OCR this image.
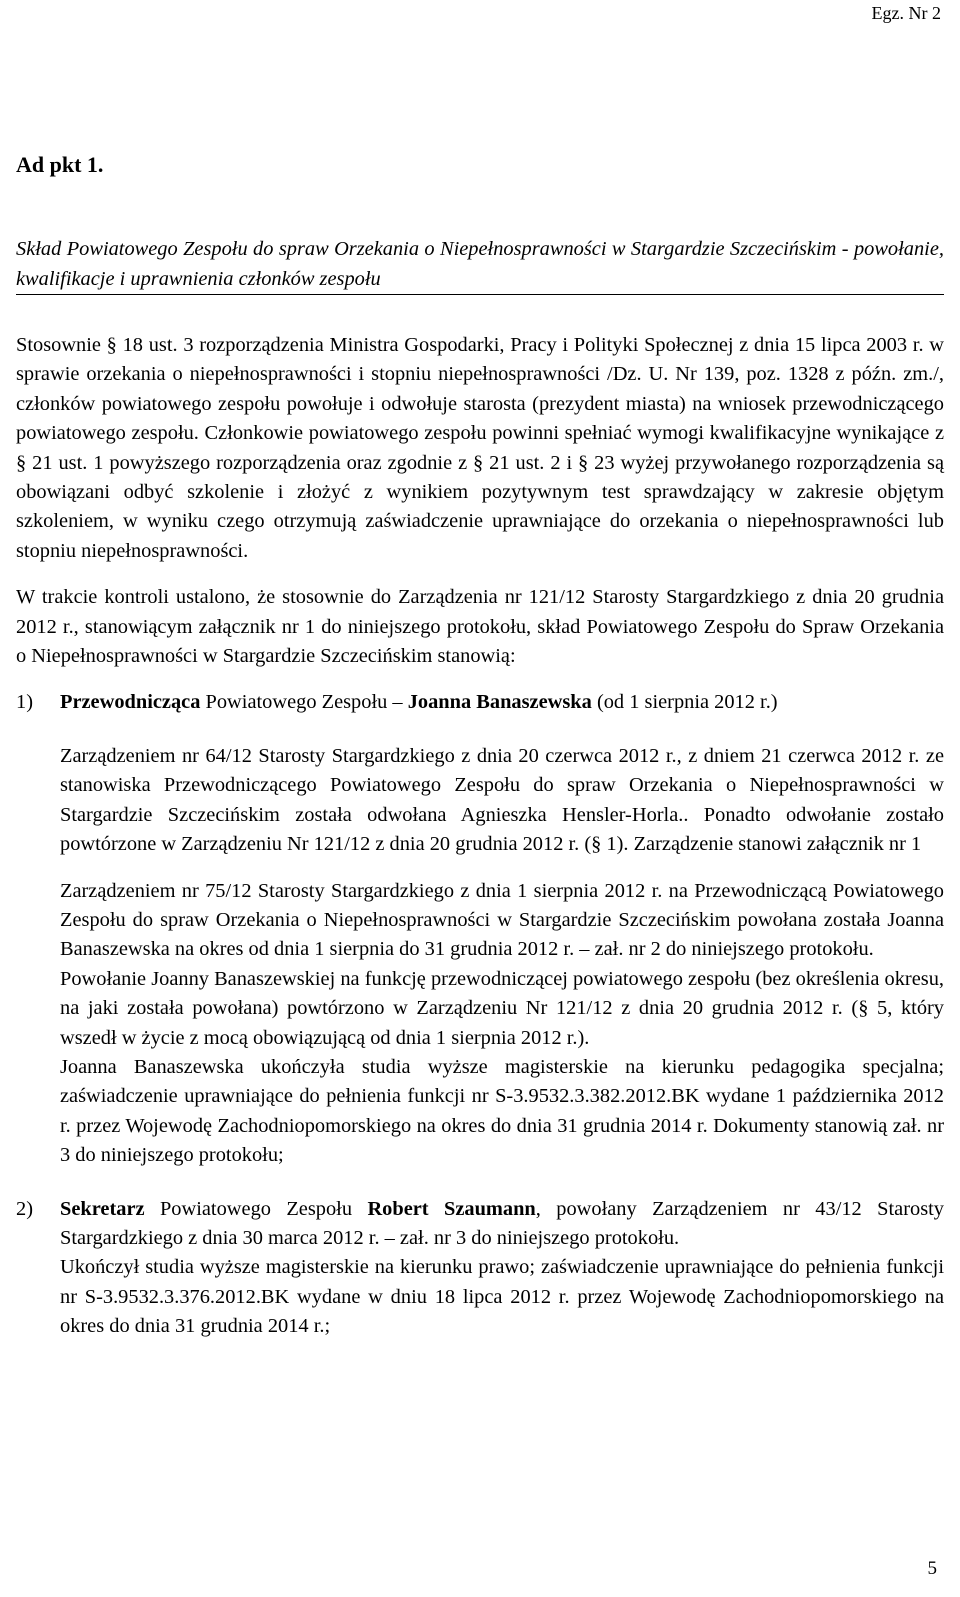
Egz. Nr 2

Ad pkt 1.

Skład Powiatowego Zespołu do spraw Orzekania o Niepełnosprawności w Stargardzie Szczecińskim - powołanie, kwalifikacje i uprawnienia członków zespołu

Stosownie § 18 ust. 3 rozporządzenia Ministra Gospodarki, Pracy i Polityki Społecznej z dnia 15 lipca 2003 r. w sprawie orzekania o niepełnosprawności i stopniu niepełnosprawności /Dz. U. Nr 139, poz. 1328 z późn. zm./, członków powiatowego zespołu powołuje i odwołuje starosta (prezydent miasta) na wniosek przewodniczącego powiatowego zespołu. Członkowie powiatowego zespołu powinni spełniać wymogi kwalifikacyjne wynikające z § 21 ust. 1 powyższego rozporządzenia oraz zgodnie z § 21 ust. 2 i § 23 wyżej przywołanego rozporządzenia są obowiązani odbyć szkolenie i złożyć z wynikiem pozytywnym test sprawdzający w zakresie objętym szkoleniem, w wyniku czego otrzymują zaświadczenie uprawniające do orzekania o niepełnosprawności lub stopniu niepełnosprawności.

W trakcie kontroli ustalono, że stosownie do Zarządzenia nr 121/12 Starosty Stargardzkiego z dnia 20 grudnia 2012 r., stanowiącym załącznik nr 1 do niniejszego protokołu, skład Powiatowego Zespołu do Spraw Orzekania o Niepełnosprawności w Stargardzie Szczecińskim stanowią:

1) Przewodnicząca Powiatowego Zespołu – Joanna Banaszewska (od 1 sierpnia 2012 r.)

Zarządzeniem nr 64/12 Starosty Stargardzkiego z dnia 20 czerwca 2012 r., z dniem 21 czerwca 2012 r. ze stanowiska Przewodniczącego Powiatowego Zespołu do spraw Orzekania o Niepełnosprawności w Stargardzie Szczecińskim została odwołana Agnieszka Hensler-Horla.. Ponadto odwołanie zostało powtórzone w Zarządzeniu Nr 121/12 z dnia 20 grudnia 2012 r. (§ 1). Zarządzenie stanowi załącznik nr 1

Zarządzeniem nr 75/12 Starosty Stargardzkiego z dnia 1 sierpnia 2012 r. na Przewodniczącą Powiatowego Zespołu do spraw Orzekania o Niepełnosprawności w Stargardzie Szczecińskim powołana została Joanna Banaszewska na okres od dnia 1 sierpnia do 31 grudnia 2012 r. – zał. nr 2 do niniejszego protokołu.

Powołanie Joanny Banaszewskiej na funkcję przewodniczącej powiatowego zespołu (bez określenia okresu, na jaki została powołana) powtórzono w Zarządzeniu Nr 121/12 z dnia 20 grudnia 2012 r. (§ 5, który wszedł w życie z mocą obowiązującą od dnia 1 sierpnia 2012 r.).

Joanna Banaszewska ukończyła studia wyższe magisterskie na kierunku pedagogika specjalna; zaświadczenie uprawniające do pełnienia funkcji nr S-3.9532.3.382.2012.BK wydane 1 października 2012 r. przez Wojewodę Zachodniopomorskiego na okres do dnia 31 grudnia 2014 r. Dokumenty stanowią zał. nr 3 do niniejszego protokołu;

2) Sekretarz Powiatowego Zespołu Robert Szaumann, powołany Zarządzeniem nr 43/12 Starosty Stargardzkiego z dnia 30 marca 2012 r. – zał. nr 3 do niniejszego protokołu.

Ukończył studia wyższe magisterskie na kierunku prawo; zaświadczenie uprawniające do pełnienia funkcji nr S-3.9532.3.376.2012.BK wydane w dniu 18 lipca 2012 r. przez Wojewodę Zachodniopomorskiego na okres do dnia 31 grudnia 2014 r.;

5
